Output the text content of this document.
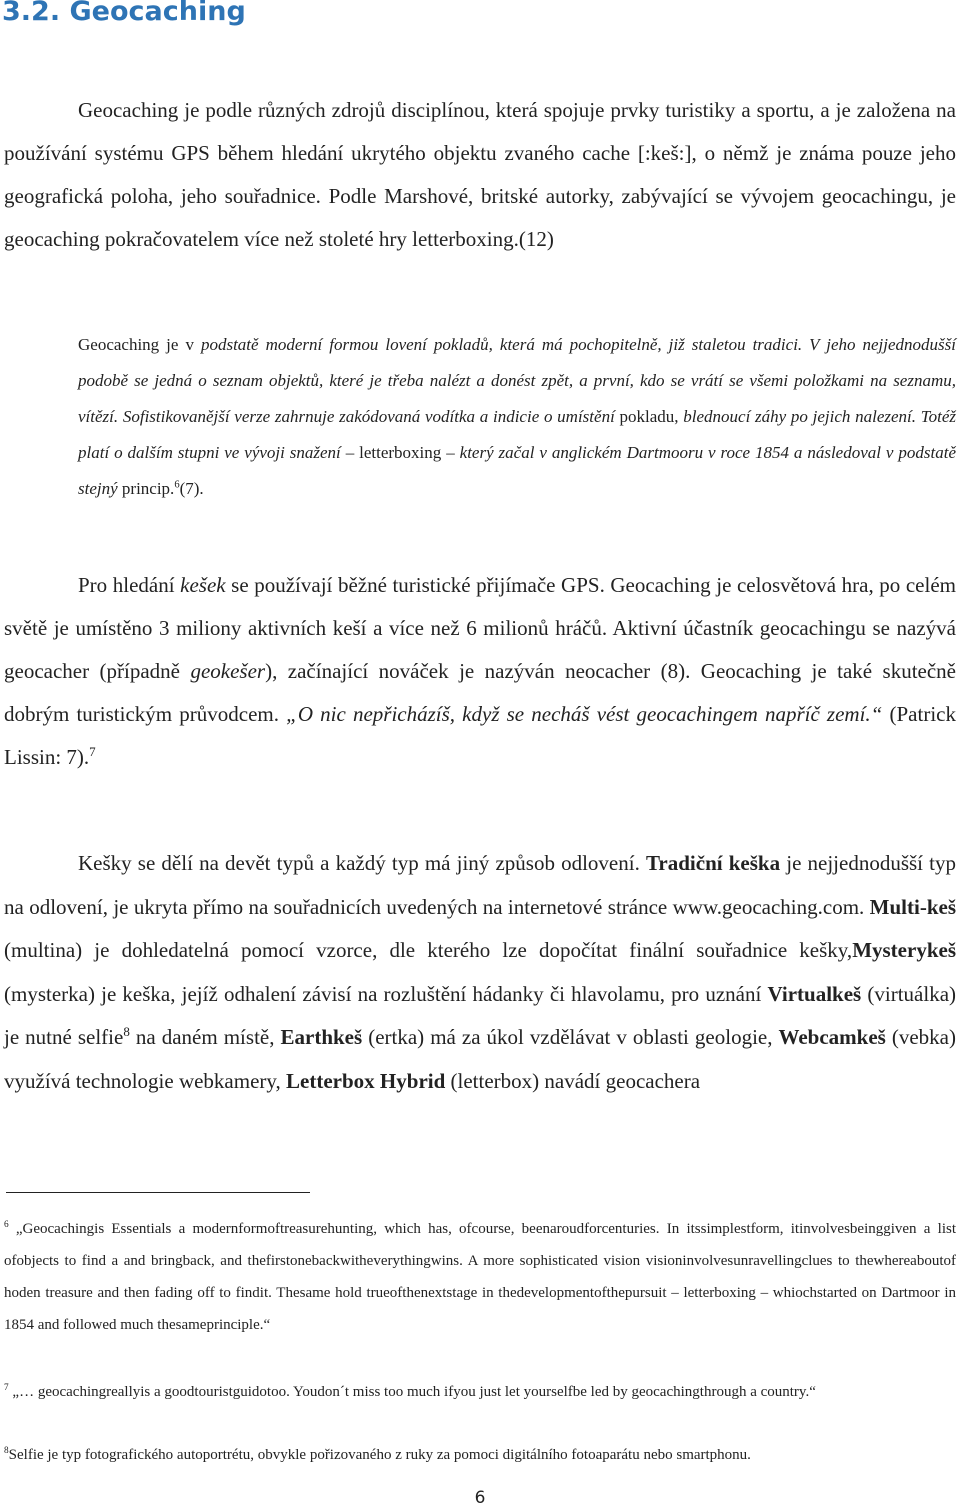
3.2. Geocaching

Geocaching je podle různých zdrojů disciplínou, která spojuje prvky turistiky a sportu, a je založena na používání systému GPS během hledání ukrytého objektu zvaného cache [:keš:], o němž je známa pouze jeho geografická poloha, jeho souřadnice. Podle Marshové, britské autorky, zabývající se vývojem geocachingu, je geocaching pokračovatelem více než stoleté hry letterboxing.(12)

Geocaching je v podstatě moderní formou lovení pokladů, která má pochopitelně, již staletou tradici. V jeho nejjednodušší podobě se jedná o seznam objektů, které je třeba nalézt a donést zpět, a první, kdo se vrátí se všemi položkami na seznamu, vítězí. Sofistikovanější verze zahrnuje zakódovaná vodítka a indicie o umístění pokladu, blednoucí záhy po jejich nalezení. Totéž platí o dalším stupni ve vývoji snažení – letterboxing – který začal v anglickém Dartmooru v roce 1854 a následoval v podstatě stejný princip.$^6$(7).

Pro hledání kešek se používají běžné turistické přijímače GPS. Geocaching je celosvětová hra, po celém světě je umístěno 3 miliony aktivních keší a více než 6 milionů hráčů. Aktivní účastník geocachingu se nazývá geocacher (případně geokešer), začínající nováček je nazýván neocacher (8). Geocaching je také skutečně dobrým turistickým průvodcem. „O nic nepřicházíš, když se necháš vést geocachingem napříč zemí.“ (Patrick Lissin: 7).$^7$

Kešky se dělí na devět typů a každý typ má jiný způsob odlovení. Tradiční keška je nejjednodušší typ na odlovení, je ukryta přímo na souřadnicích uvedených na internetové stránce www.geocaching.com. Multi-keš (multina) je dohledatelná pomocí vzorce, dle kterého lze dopočítat finální souřadnice kešky,Mysterykeš (mysterka) je keška, jejíž odhalení závisí na rozluštění hádanky či hlavolamu, pro uznání Virtualkeš (virtuálka) je nutné selfie$^8$ na daném místě, Earthkeš (ertka) má za úkol vzdělávat v oblasti geologie, Webcamkeš (vebka) využívá technologie webkamery, Letterbox Hybrid (letterbox) navádí geocachera

$^6$ „Geocachingis Essentials a modernformoftreasurehunting, which has, ofcourse, beenaroudforcenturies. In itssimplestform, itinvolvesbeinggiven a list ofobjects to find a and bringback, and thefirstonebackwitheverythingwins. A more sophisticated vision visioninvolvesunravellingclues to thewhereaboutof hoden treasure and then fading off to findit. Thesame hold trueofthenextstage in thedevelopmentofthepursuit – letterboxing – whiochstarted on Dartmoor in 1854 and followed much thesameprinciple.“

$^7$ „… geocachingreallyis a goodtouristguidotoo. Youdon´t miss too much ifyou just let yourselfbe led by geocachingthrough a country.“

$^8$Selfie je typ fotografického autoportrétu, obvykle pořizovaného z ruky za pomoci digitálního fotoaparátu nebo smartphonu.

6
